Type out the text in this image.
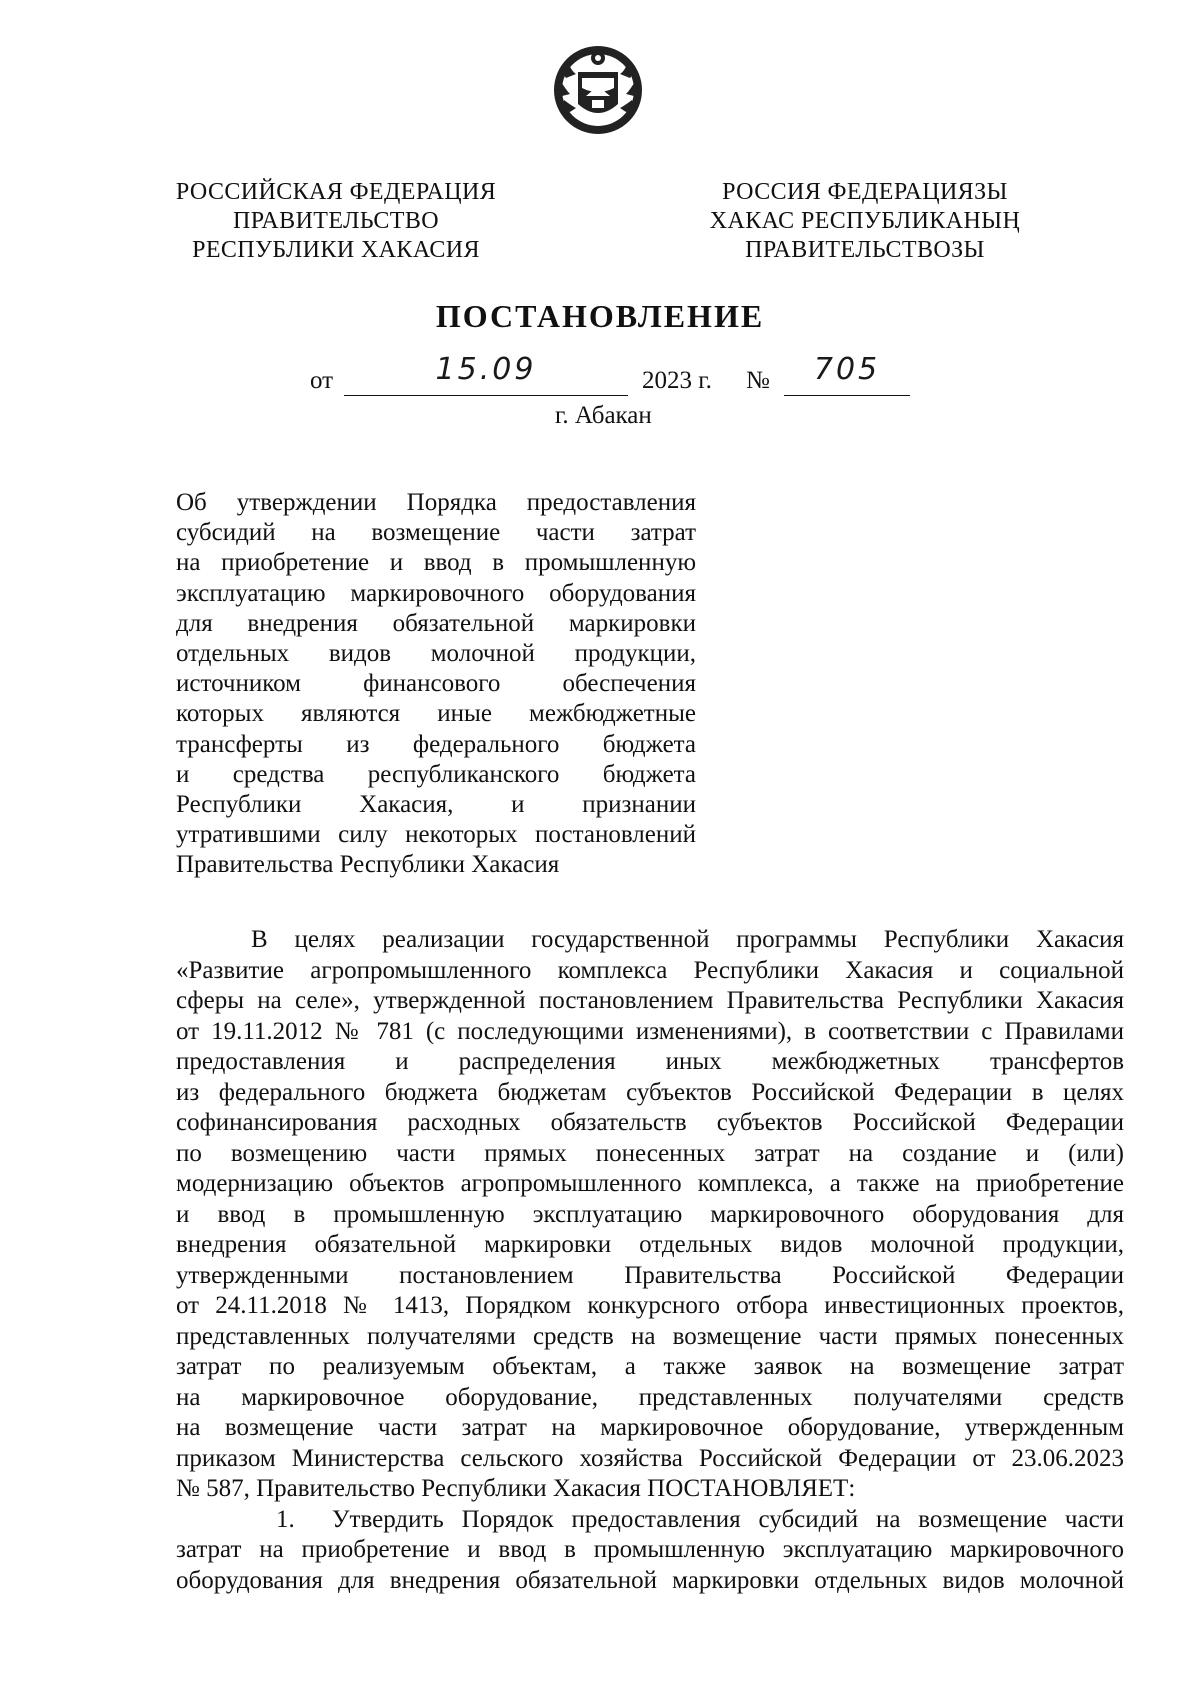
РОССИЙСКАЯ ФЕДЕРАЦИЯ
ПРАВИТЕЛЬСТВО
РЕСПУБЛИКИ ХАКАСИЯ
РОССИЯ ФЕДЕРАЦИЯЗЫ
ХАКАС РЕСПУБЛИКАНЫҢ
ПРАВИТЕЛЬСТВОЗЫ
ПОСТАНОВЛЕНИЕ
от	15.09	2023 г. №	705
г. Абакан
Об утверждении Порядка предоставления
субсидий на возмещение части затрат
на приобретение и ввод в промышленную
эксплуатацию маркировочного оборудования
для внедрения обязательной маркировки
отдельных видов молочной продукции,
источником финансового обеспечения
которых являются иные межбюджетные
трансферты из федерального бюджета
и средства республиканского бюджета
Республики Хакасия, и признании
утратившими силу некоторых постановлений
Правительства Республики Хакасия
В целях реализации государственной программы Республики Хакасия
«Развитие агропромышленного комплекса Республики Хакасия и социальной
сферы на селе», утвержденной постановлением Правительства Республики Хакасия
от 19.11.2012 № 781 (с последующими изменениями), в соответствии с Правилами
предоставления и распределения иных межбюджетных трансфертов
из федерального бюджета бюджетам субъектов Российской Федерации в целях
софинансирования расходных обязательств субъектов Российской Федерации
по возмещению части прямых понесенных затрат на создание и (или)
модернизацию объектов агропромышленного комплекса, а также на приобретение
и ввод в промышленную эксплуатацию маркировочного оборудования для
внедрения обязательной маркировки отдельных видов молочной продукции,
утвержденными постановлением Правительства Российской Федерации
от 24.11.2018 № 1413, Порядком конкурсного отбора инвестиционных проектов,
представленных получателями средств на возмещение части прямых понесенных
затрат по реализуемым объектам, а также заявок на возмещение затрат
на маркировочное оборудование, представленных получателями средств
на возмещение части затрат на маркировочное оборудование, утвержденным
приказом Министерства сельского хозяйства Российской Федерации от 23.06.2023
№ 587, Правительство Республики Хакасия ПОСТАНОВЛЯЕТ:
1. Утвердить Порядок предоставления субсидий на возмещение части
затрат на приобретение и ввод в промышленную эксплуатацию маркировочного
оборудования для внедрения обязательной маркировки отдельных видов молочной
